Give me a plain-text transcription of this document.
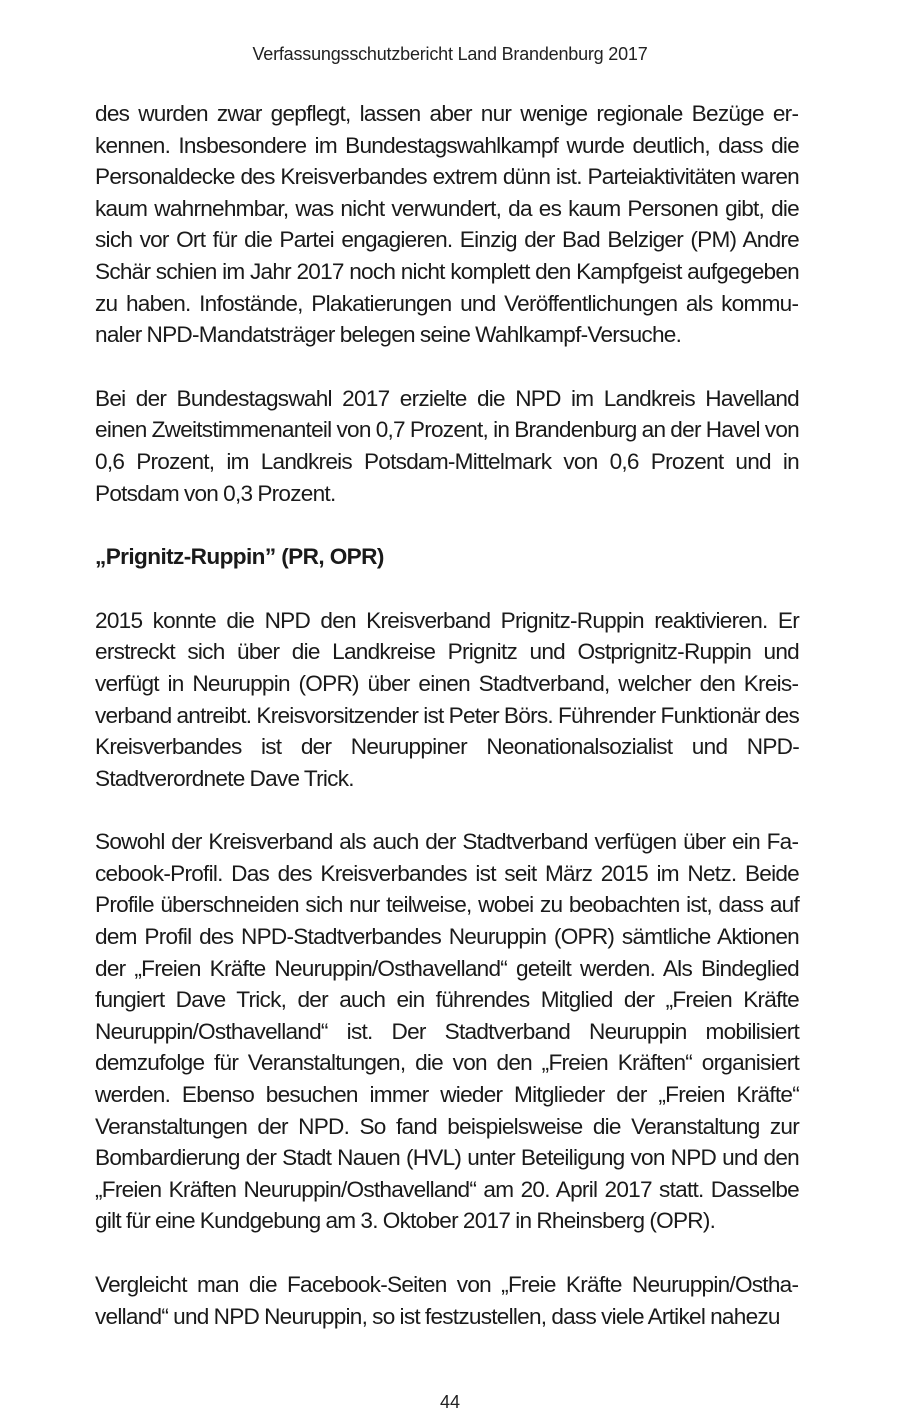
Verfassungsschutzbericht Land Brandenburg 2017

des wurden zwar gepflegt, lassen aber nur wenige regionale Bezüge erkennen. Insbesondere im Bundestagswahlkampf wurde deutlich, dass die Personaldecke des Kreisverbandes extrem dünn ist. Parteiaktivitäten waren kaum wahrnehmbar, was nicht verwundert, da es kaum Personen gibt, die sich vor Ort für die Partei engagieren. Einzig der Bad Belziger (PM) Andre Schär schien im Jahr 2017 noch nicht komplett den Kampfgeist aufgegeben zu haben. Infostände, Plakatierungen und Veröffentlichungen als kommunaler NPD-Mandatsträger belegen seine Wahlkampf-Versuche.

Bei der Bundestagswahl 2017 erzielte die NPD im Landkreis Havelland einen Zweitstimmenanteil von 0,7 Prozent, in Brandenburg an der Havel von 0,6 Prozent, im Landkreis Potsdam-Mittelmark von 0,6 Prozent und in Potsdam von 0,3 Prozent.

„Prignitz-Ruppin” (PR, OPR)

2015 konnte die NPD den Kreisverband Prignitz-Ruppin reaktivieren. Er erstreckt sich über die Landkreise Prignitz und Ostprignitz-Ruppin und verfügt in Neuruppin (OPR) über einen Stadtverband, welcher den Kreisverband antreibt. Kreisvorsitzender ist Peter Börs. Führender Funktionär des Kreisverbandes ist der Neuruppiner Neonationalsozialist und NPD-Stadtverordnete Dave Trick.

Sowohl der Kreisverband als auch der Stadtverband verfügen über ein Facebook-Profil. Das des Kreisverbandes ist seit März 2015 im Netz. Beide Profile überschneiden sich nur teilweise, wobei zu beobachten ist, dass auf dem Profil des NPD-Stadtverbandes Neuruppin (OPR) sämtliche Aktionen der „Freien Kräfte Neuruppin/Osthavelland“ geteilt werden. Als Bindeglied fungiert Dave Trick, der auch ein führendes Mitglied der „Freien Kräfte Neuruppin/Osthavelland“ ist. Der Stadtverband Neuruppin mobilisiert demzufolge für Veranstaltungen, die von den „Freien Kräften“ organisiert werden. Ebenso besuchen immer wieder Mitglieder der „Freien Kräfte“ Veranstaltungen der NPD. So fand beispielsweise die Veranstaltung zur Bombardierung der Stadt Nauen (HVL) unter Beteiligung von NPD und den „Freien Kräften Neuruppin/Osthavelland“ am 20. April 2017 statt. Dasselbe gilt für eine Kundgebung am 3. Oktober 2017 in Rheinsberg (OPR).

Vergleicht man die Facebook-Seiten von „Freie Kräfte Neuruppin/Osthavelland“ und NPD Neuruppin, so ist festzustellen, dass viele Artikel nahezu

44
